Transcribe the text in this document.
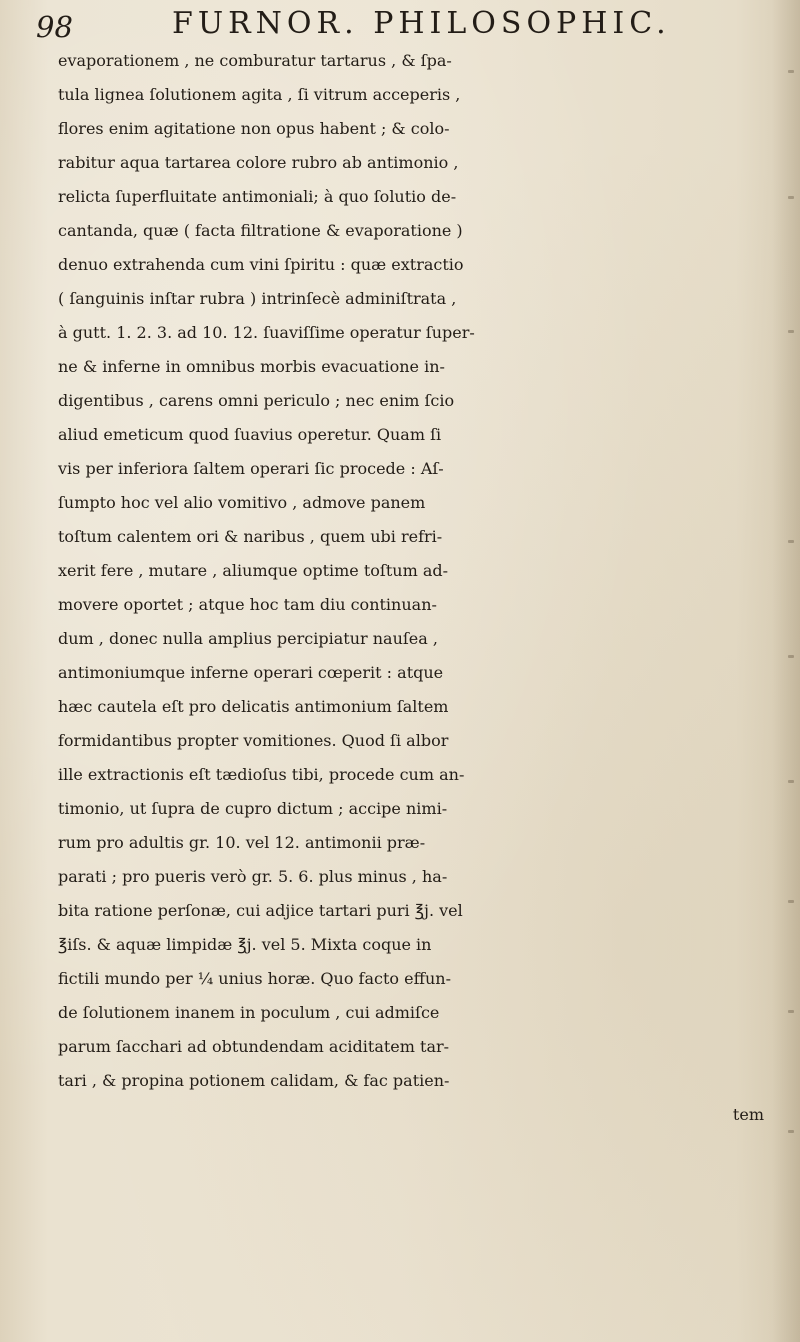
98	FURNOR. PHILOSOPHIC.
evaporationem , ne comburatur tartarus , & ſpa-
tula lignea ſolutionem agita , ſi vitrum acceperis ,
flores enim agitatione non opus habent ; & colo-
rabitur aqua tartarea colore rubro ab antimonio ,
relicta ſuperfluitate antimoniali; à quo ſolutio de-
cantanda, quæ ( facta filtratione & evaporatione )
denuo extrahenda cum vini ſpiritu : quæ extractio
( ſanguinis inſtar rubra ) intrinſecè adminiſtrata ,
à gutt. 1. 2. 3. ad 10. 12. ſuaviſſime operatur ſuper-
ne & inferne in omnibus morbis evacuatione in-
digentibus , carens omni periculo ; nec enim ſcio
aliud emeticum quod ſuavius operetur. Quam ſi
vis per inferiora ſaltem operari ſic procede : Aſ-
ſumpto hoc vel alio vomitivo , admove panem
toſtum calentem ori & naribus , quem ubi refri-
xerit fere , mutare , aliumque optime toſtum ad-
movere oportet ; atque hoc tam diu continuan-
dum , donec nulla amplius percipiatur nauſea ,
antimoniumque inferne operari cœperit : atque
hæc cautela eſt pro delicatis antimonium ſaltem
formidantibus propter vomitiones. Quod ſi albor
ille extractionis eſt tædioſus tibi, procede cum an-
timonio, ut ſupra de cupro dictum ; accipe nimi-
rum pro adultis gr. 10. vel 12. antimonii præ-
parati ; pro pueris verò gr. 5. 6. plus minus , ha-
bita ratione perſonæ, cui adjice tartari puri ℥j. vel
℥iſs. & aquæ limpidæ ℥j. vel 5. Mixta coque in
fictili mundo per ¼ unius horæ. Quo facto effun-
de ſolutionem inanem in poculum , cui admiſce
parum ſacchari ad obtundendam aciditatem tar-
tari , & propina potionem calidam, & fac patien-
tem
